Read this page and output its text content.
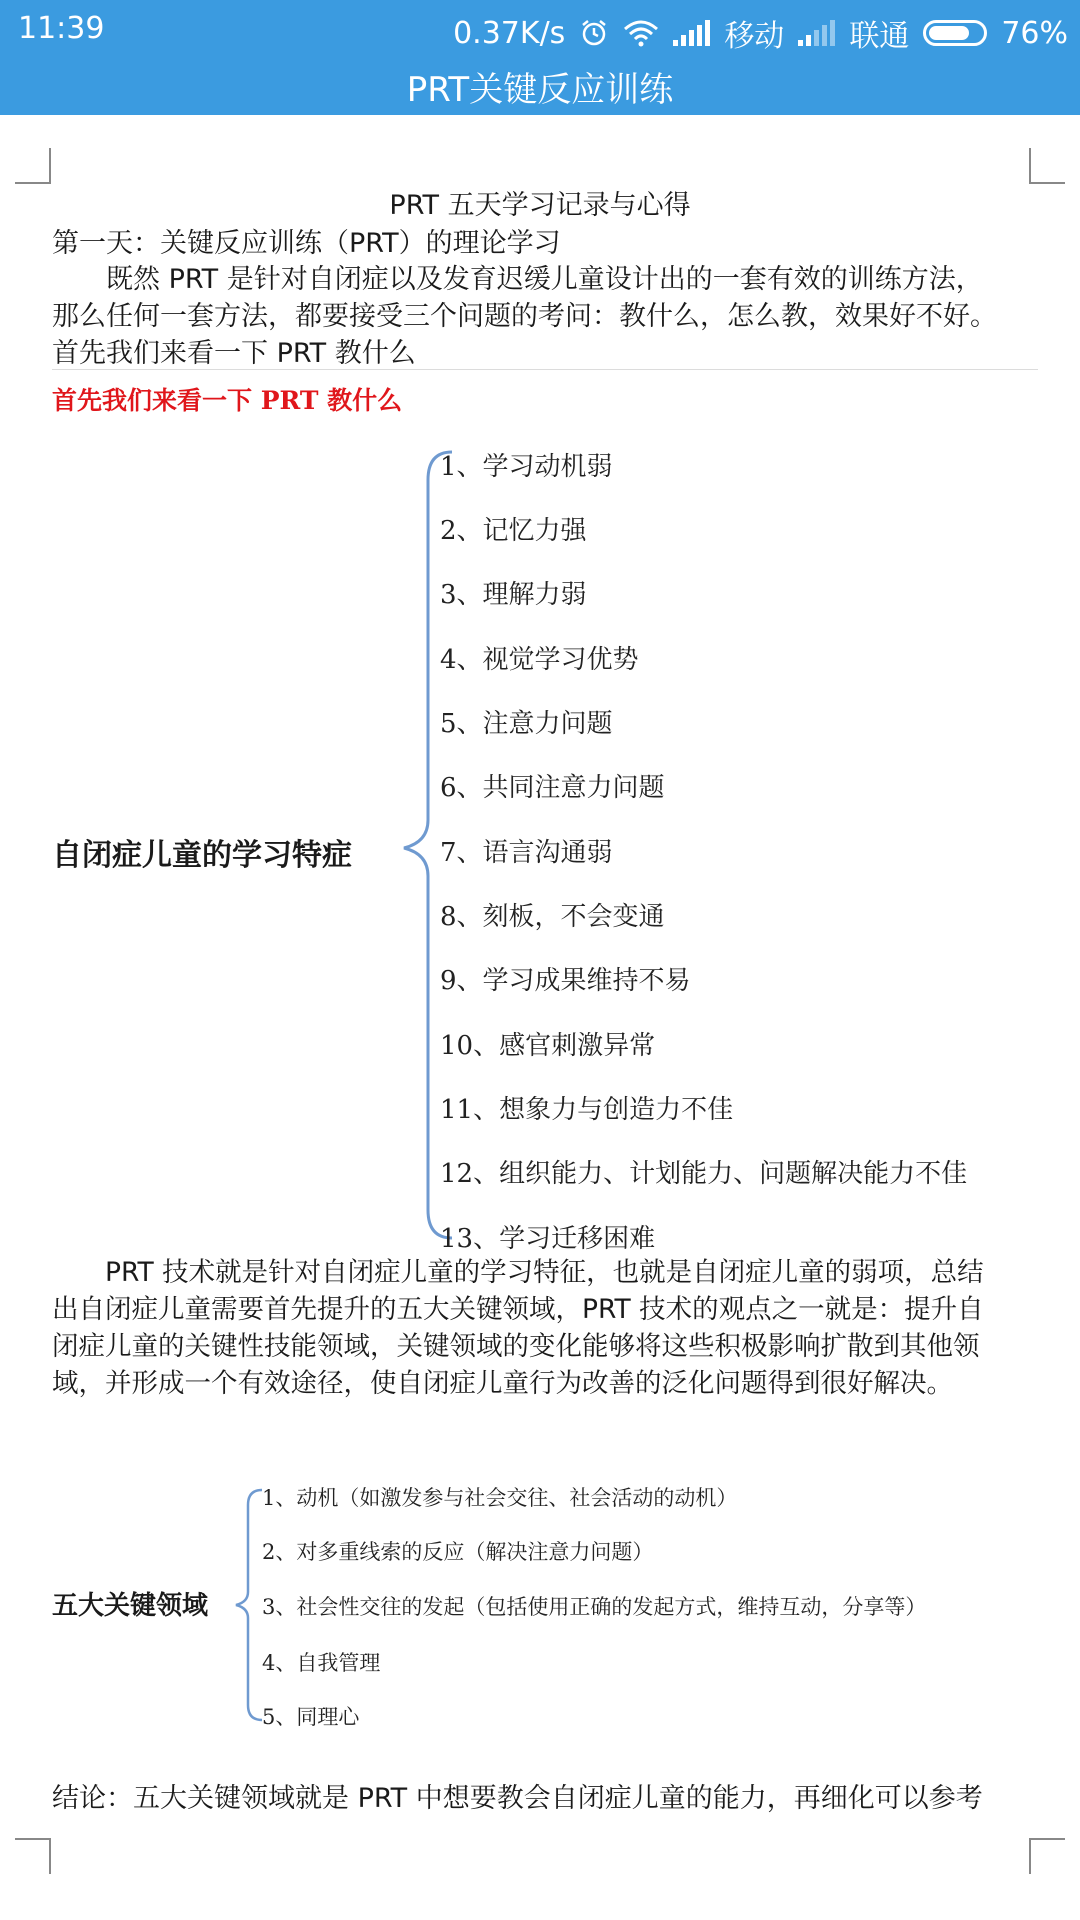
11:39	0.37K/s	移动 联通	76%
PRT关键反应训练
PRT 五天学习记录与心得
第一天：关键反应训练（PRT）的理论学习
　　既然 PRT 是针对自闭症以及发育迟缓儿童设计出的一套有效的训练方法，
那么任何一套方法，都要接受三个问题的考问：教什么，怎么教，效果好不好。
首先我们来看一下 PRT 教什么
首先我们来看一下 PRT 教什么
自闭症儿童的学习特症
1、学习动机弱
2、记忆力强
3、理解力弱
4、视觉学习优势
5、注意力问题
6、共同注意力问题
7、语言沟通弱
8、刻板，不会变通
9、学习成果维持不易
10、感官刺激异常
11、想象力与创造力不佳
12、组织能力、计划能力、问题解决能力不佳
13、学习迁移困难
　　PRT 技术就是针对自闭症儿童的学习特征，也就是自闭症儿童的弱项，总结
出自闭症儿童需要首先提升的五大关键领域，PRT 技术的观点之一就是：提升自
闭症儿童的关键性技能领域，关键领域的变化能够将这些积极影响扩散到其他领
域，并形成一个有效途径，使自闭症儿童行为改善的泛化问题得到很好解决。
五大关键领域
1、动机（如激发参与社会交往、社会活动的动机）
2、对多重线索的反应（解决注意力问题）
3、社会性交往的发起（包括使用正确的发起方式，维持互动，分享等）
4、自我管理
5、同理心
结论：五大关键领域就是 PRT 中想要教会自闭症儿童的能力，再细化可以参考
